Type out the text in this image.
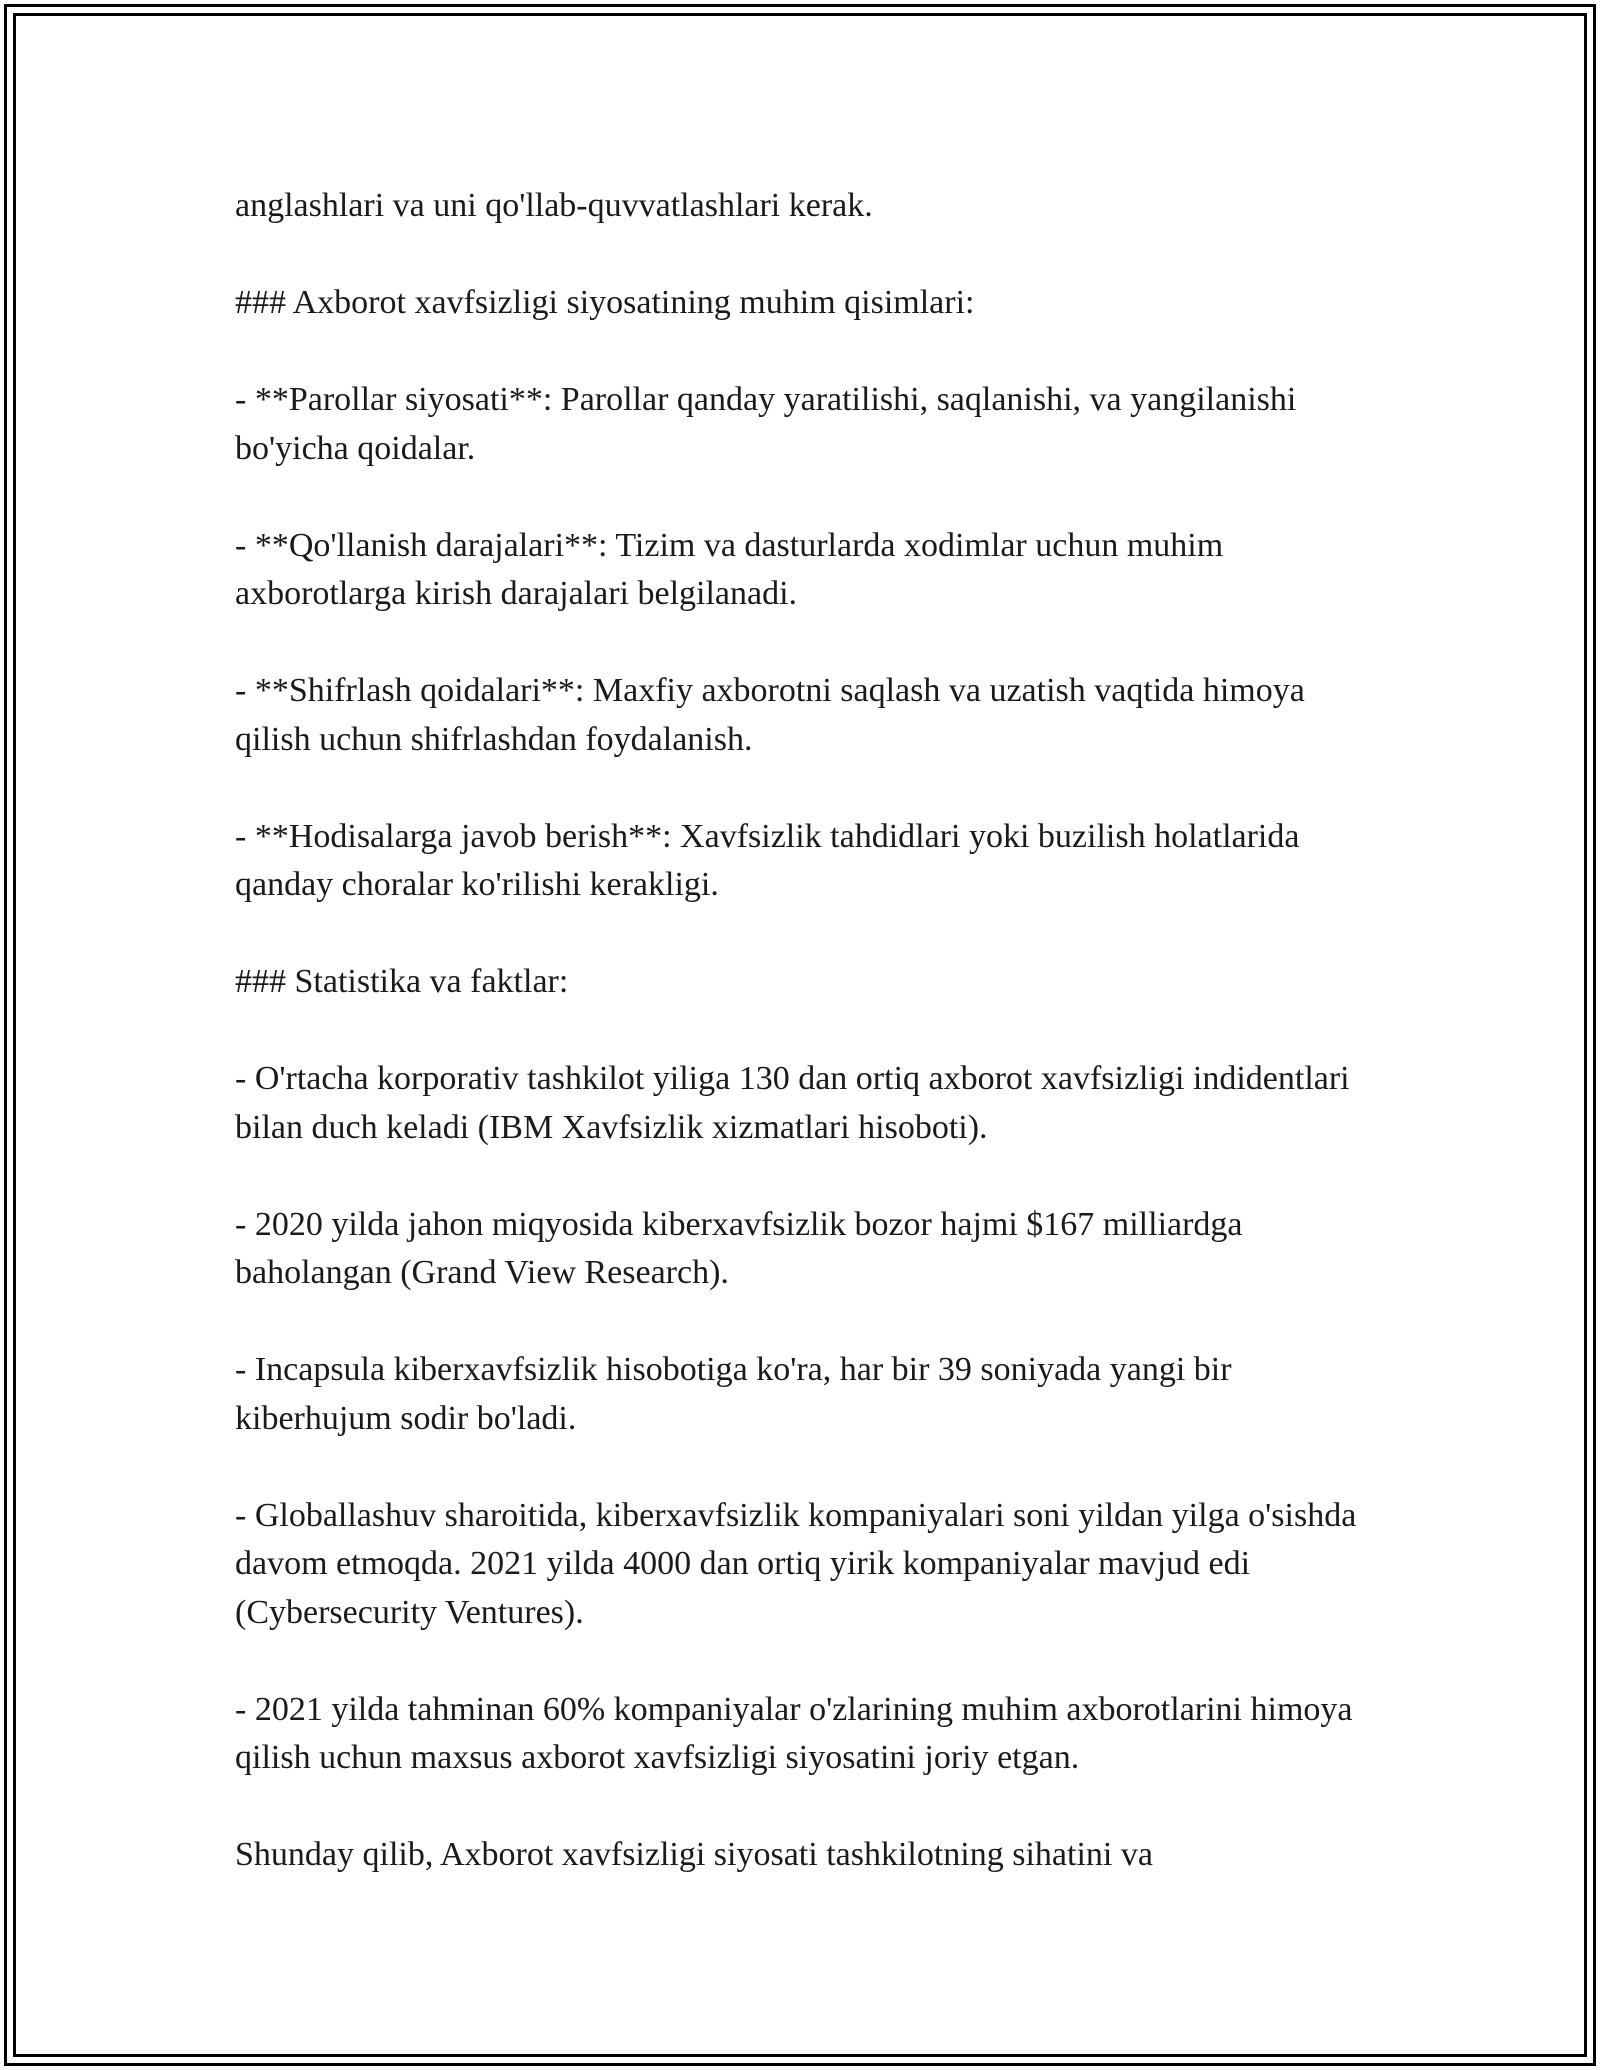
anglashlari va uni qo'llab-quvvatlashlari kerak.

### Axborot xavfsizligi siyosatining muhim qisimlari:

- **Parollar siyosati**: Parollar qanday yaratilishi, saqlanishi, va yangilanishi bo'yicha qoidalar.

- **Qo'llanish darajalari**: Tizim va dasturlarda xodimlar uchun muhim axborotlarga kirish darajalari belgilanadi.

- **Shifrlash qoidalari**: Maxfiy axborotni saqlash va uzatish vaqtida himoya qilish uchun shifrlashdan foydalanish.

- **Hodisalarga javob berish**: Xavfsizlik tahdidlari yoki buzilish holatlarida qanday choralar ko'rilishi kerakligi.

### Statistika va faktlar:

- O'rtacha korporativ tashkilot yiliga 130 dan ortiq axborot xavfsizligi indidentlari bilan duch keladi (IBM Xavfsizlik xizmatlari hisoboti).

- 2020 yilda jahon miqyosida kiberxavfsizlik bozor hajmi $167 milliardga baholangan (Grand View Research).

- Incapsula kiberxavfsizlik hisobotiga ko'ra, har bir 39 soniyada yangi bir kiberhujum sodir bo'ladi.

- Globallashuv sharoitida, kiberxavfsizlik kompaniyalari soni yildan yilga o'sishda davom etmoqda. 2021 yilda 4000 dan ortiq yirik kompaniyalar mavjud edi (Cybersecurity Ventures).

- 2021 yilda tahminan 60% kompaniyalar o'zlarining muhim axborotlarini himoya qilish uchun maxsus axborot xavfsizligi siyosatini joriy etgan.

Shunday qilib, Axborot xavfsizligi siyosati tashkilotning sihatini va
